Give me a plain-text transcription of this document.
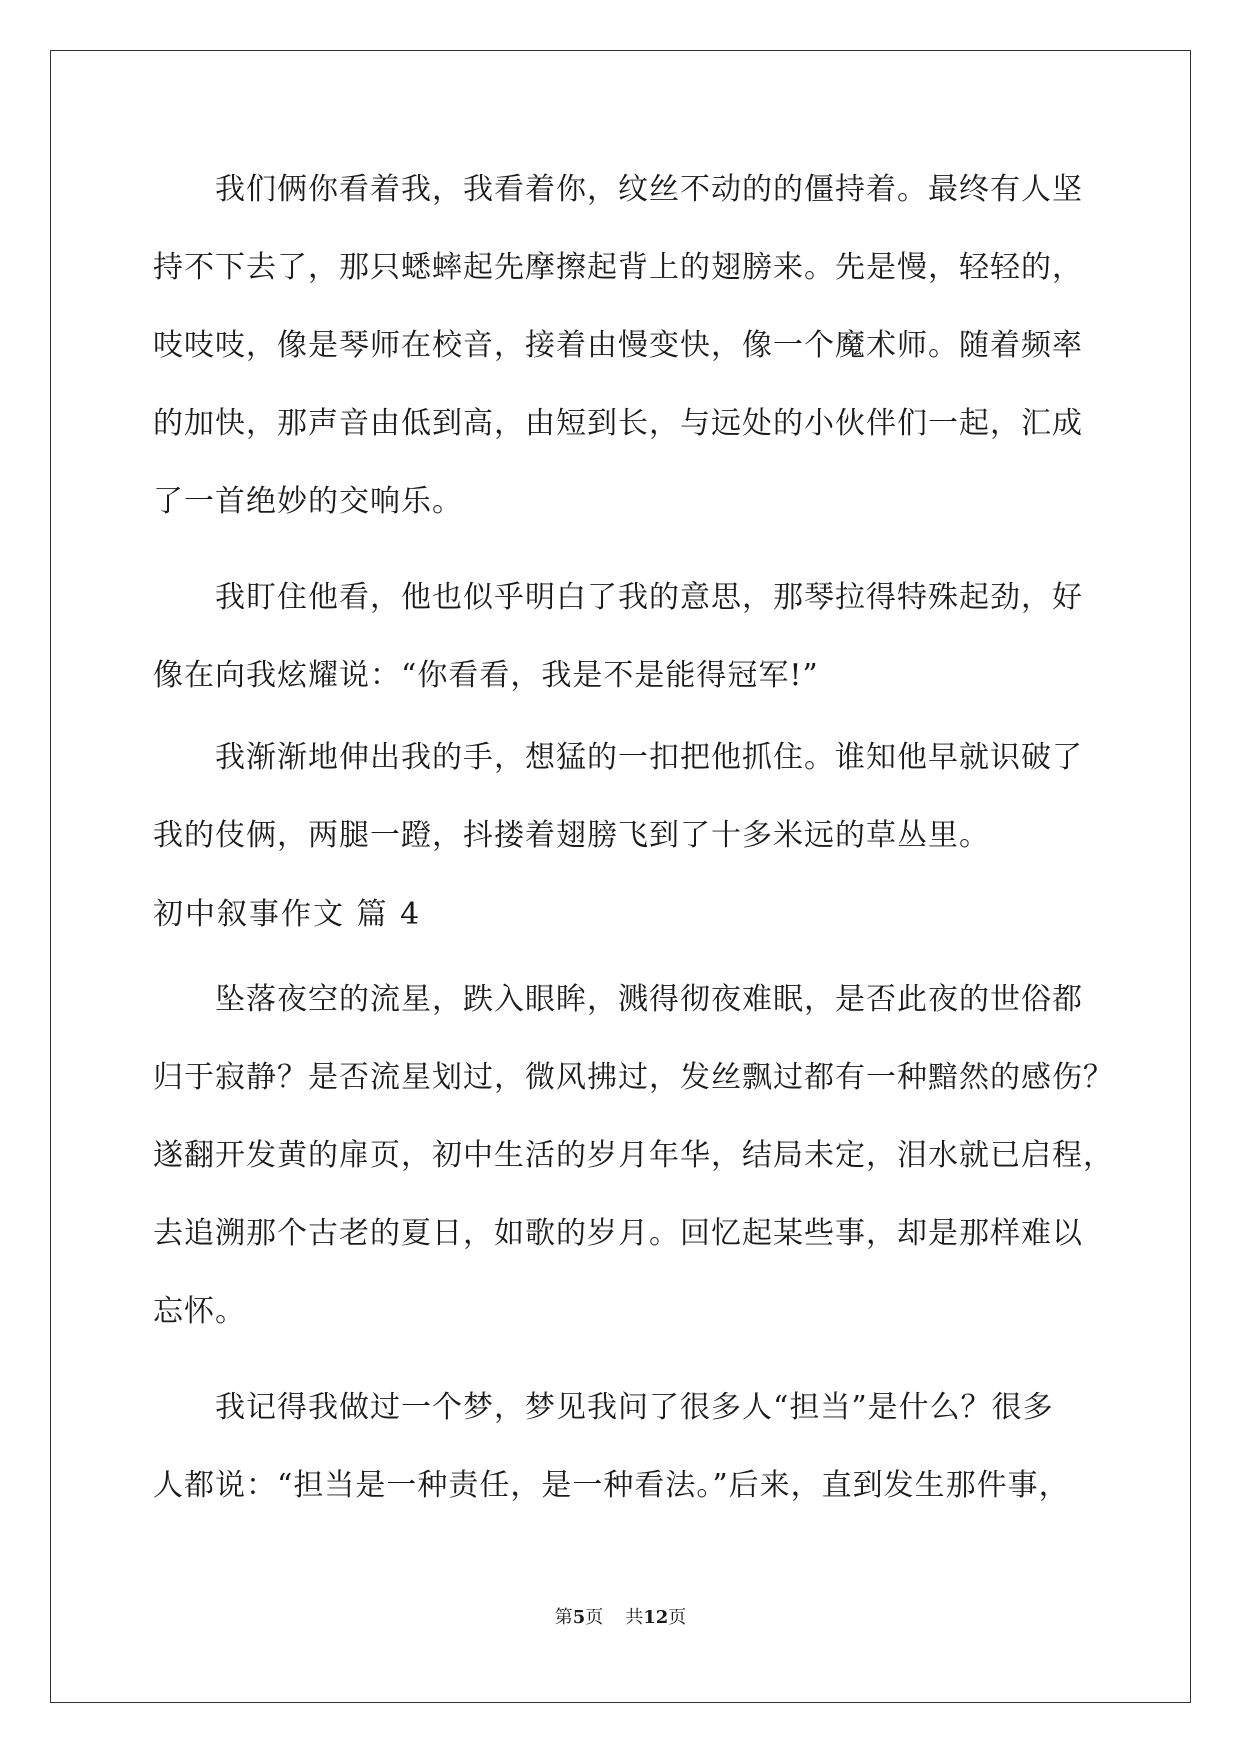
我们俩你看着我，我看着你，纹丝不动的的僵持着。最终有人坚
持不下去了，那只蟋蟀起先摩擦起背上的翅膀来。先是慢，轻轻的，
吱吱吱，像是琴师在校音，接着由慢变快，像一个魔术师。随着频率
的加快，那声音由低到高，由短到长，与远处的小伙伴们一起，汇成
了一首绝妙的交响乐。
我盯住他看，他也似乎明白了我的意思，那琴拉得特殊起劲，好
像在向我炫耀说：“你看看，我是不是能得冠军!”
我渐渐地伸出我的手，想猛的一扣把他抓住。谁知他早就识破了
我的伎俩，两腿一蹬，抖搂着翅膀飞到了十多米远的草丛里。
初中叙事作文 篇 4
坠落夜空的流星，跌入眼眸，溅得彻夜难眠，是否此夜的世俗都
归于寂静？是否流星划过，微风拂过，发丝飘过都有一种黯然的感伤？
遂翻开发黄的扉页，初中生活的岁月年华，结局未定，泪水就已启程，
去追溯那个古老的夏日，如歌的岁月。回忆起某些事，却是那样难以
忘怀。
我记得我做过一个梦，梦见我问了很多人“担当”是什么？很多
人都说：“担当是一种责任，是一种看法。”后来，直到发生那件事，
第5页 共12页
